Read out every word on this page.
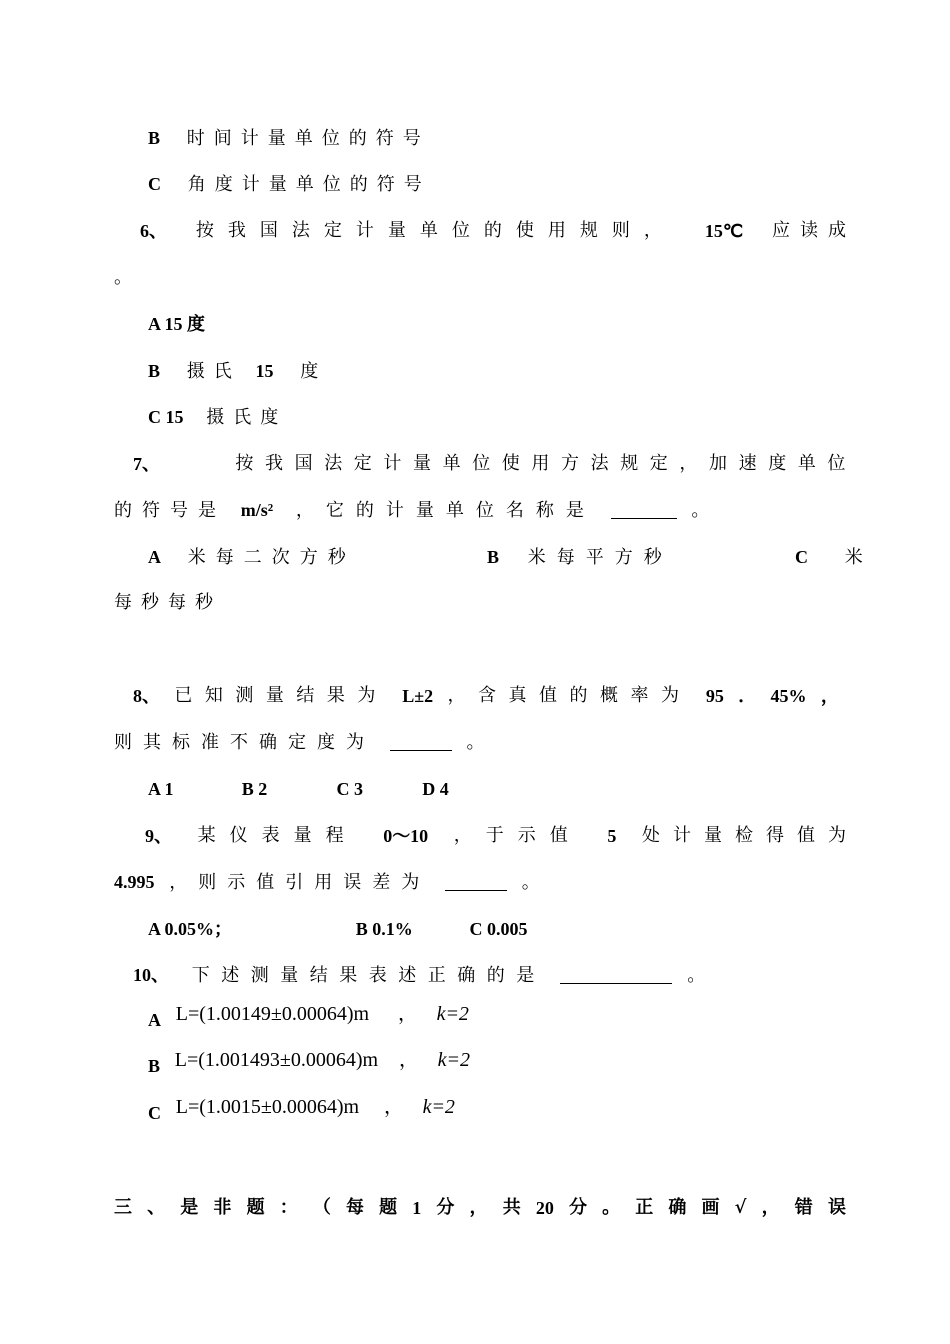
B 时间计量单位的符号
C 角度计量单位的符号
6、 按我国法定计量单位的使用规则， 15℃ 应读成
。
A 15 度
B 摄氏 15 度
C 15 摄氏度
7、	按我国法定计量单位使用方法规定，加速度单位
的符号是 m/s² ，它的计量单位名称是	。
A 米每二次方秒	B 米每平方秒	C 米
每秒每秒
8、 已知测量结果为 L±2 ，含真值的概率为 95 ． 45% ，
则其标准不确定度为	。
A 1	B 2	C 3	D 4
9、 某仪表量程 0～10 ，于示值 5 处计量检得值为
4.995 ，则示值引用误差为	。
A 0.05%；	B 0.1%	C 0.005
10、 下述测量结果表述正确的是	。
A L=(1.00149±0.00064)m ， k=2
B L=(1.001493±0.00064)m ， k=2
C L=(1.0015±0.00064)m ， k=2
三 、 是 非 题 ： （ 每 题 1 分 ， 共 20 分 。 正 确 画 √ ， 错 误
